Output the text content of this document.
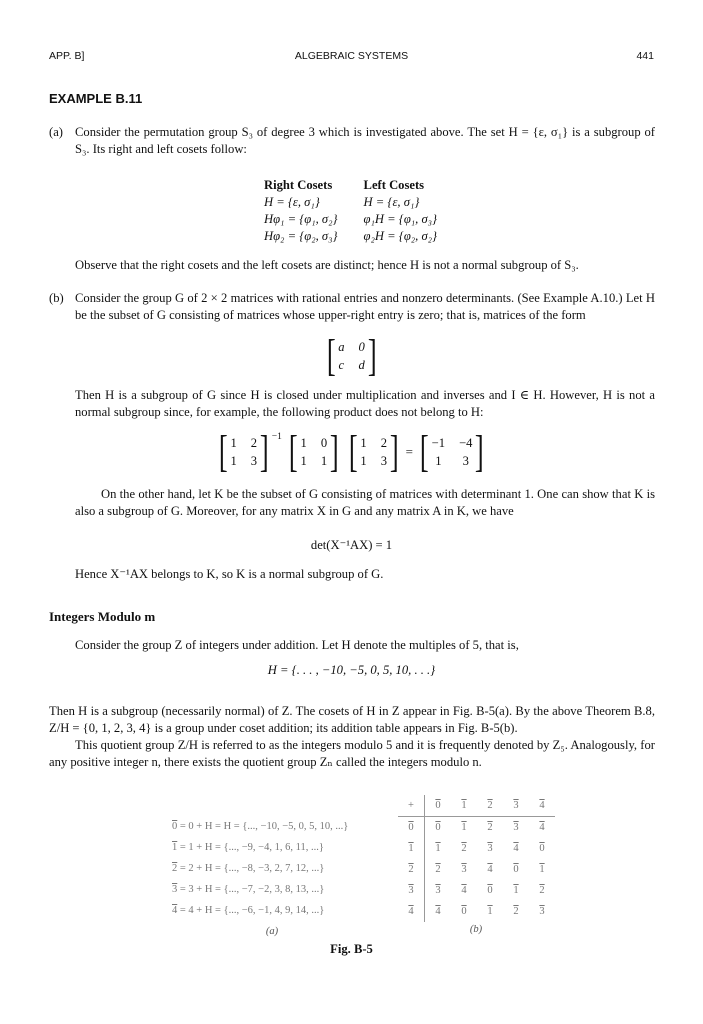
APP. B]	ALGEBRAIC SYSTEMS	441
EXAMPLE B.11
(a) Consider the permutation group S₃ of degree 3 which is investigated above. The set H = {ε, σ₁} is a subgroup of S₃. Its right and left cosets follow:

Right Cosets	Left Cosets
H = {ε, σ₁}	H = {ε, σ₁}
Hφ₁ = {φ₁, σ₂}	φ₁H = {φ₁, σ₃}
Hφ₂ = {φ₂, σ₃}	φ₂H = {φ₂, σ₂}

Observe that the right cosets and the left cosets are distinct; hence H is not a normal subgroup of S₃.

(b) Consider the group G of 2 × 2 matrices with rational entries and nonzero determinants. (See Example A.10.) Let H be the subset of G consisting of matrices whose upper-right entry is zero; that is, matrices of the form

[ a 0
c d ]

Then H is a subgroup of G since H is closed under multiplication and inverses and I ∈ H. However, H is not a normal subgroup since, for example, the following product does not belong to H:

[ 1 2
1 3 ] $^{-1}$
[ 1 0
1 1 ]
[ 1 2
1 3 ] = [ −1 −4
1 3 ]

On the other hand, let K be the subset of G consisting of matrices with determinant 1. One can show that K is also a subgroup of G. Moreover, for any matrix X in G and any matrix A in K, we have

det(X⁻¹AX) = 1

Hence X⁻¹AX belongs to K, so K is a normal subgroup of G.

Integers Modulo m

Consider the group Z of integers under addition. Let H denote the multiples of 5, that is,

H = {. . . , −10, −5, 0, 5, 10, . . .}

Then H is a subgroup (necessarily normal) of Z. The cosets of H in Z appear in Fig. B-5(a). By the above Theorem B.8, Z/H = {0, 1, 2, 3, 4} is a group under coset addition; its addition table appears in Fig. B-5(b).

This quotient group Z/H is referred to as the integers modulo 5 and it is frequently denoted by Z₅. Analogously, for any positive integer n, there exists the quotient group Zₙ called the integers modulo n.

0 = 0 + H = H = {..., −10, −5, 0, 5, 10, ...}
1 = 1 + H = {..., −9, −4, 1, 6, 11, ...}
2 = 2 + H = {..., −8, −3, 2, 7, 12, ...}
3 = 3 + H = {..., −7, −2, 3, 8, 13, ...}
4 = 4 + H = {..., −6, −1, 4, 9, 14, ...}
(a)
+	0	1	2	3	4
0	0	1	2	3	4
1	1	2	3	4	0
2	2	3	4	0	1
3	3	4	0	1	2
4	4	0	1	2	3
(b)
Fig. B-5
